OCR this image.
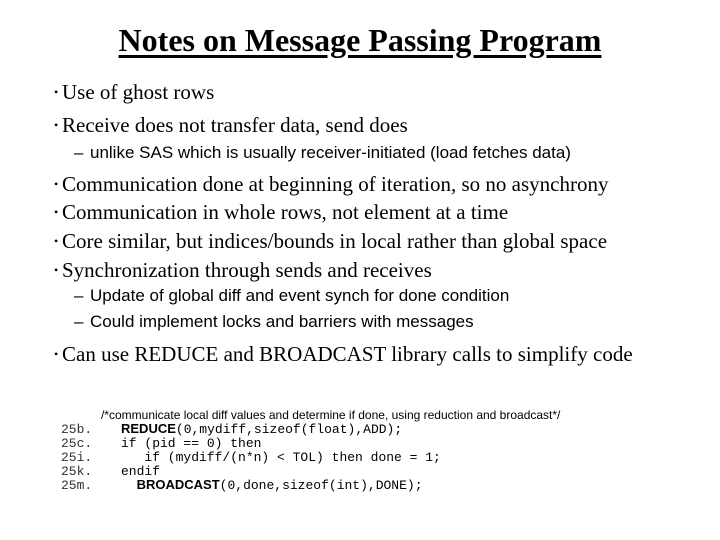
Notes on Message Passing Program
• Use of ghost rows
• Receive does not transfer data, send does
– unlike SAS which is usually receiver-initiated (load fetches data)
• Communication done at beginning of iteration, so no asynchrony
• Communication in whole rows, not element at a time
• Core similar, but indices/bounds in local rather than global space
• Synchronization through sends and receives
– Update of global diff and event synch for done condition
– Could implement locks and barriers with messages
• Can use REDUCE and BROADCAST library calls to simplify code
/*communicate local diff values and determine if done, using reduction and broadcast*/
25b. REDUCE(0,mydiff,sizeof(float),ADD);
25c. if (pid == 0) then
25i.	if (mydiff/(n*n) < TOL) then done = 1;
25k. endif
25m.	BROADCAST(0,done,sizeof(int),DONE);
